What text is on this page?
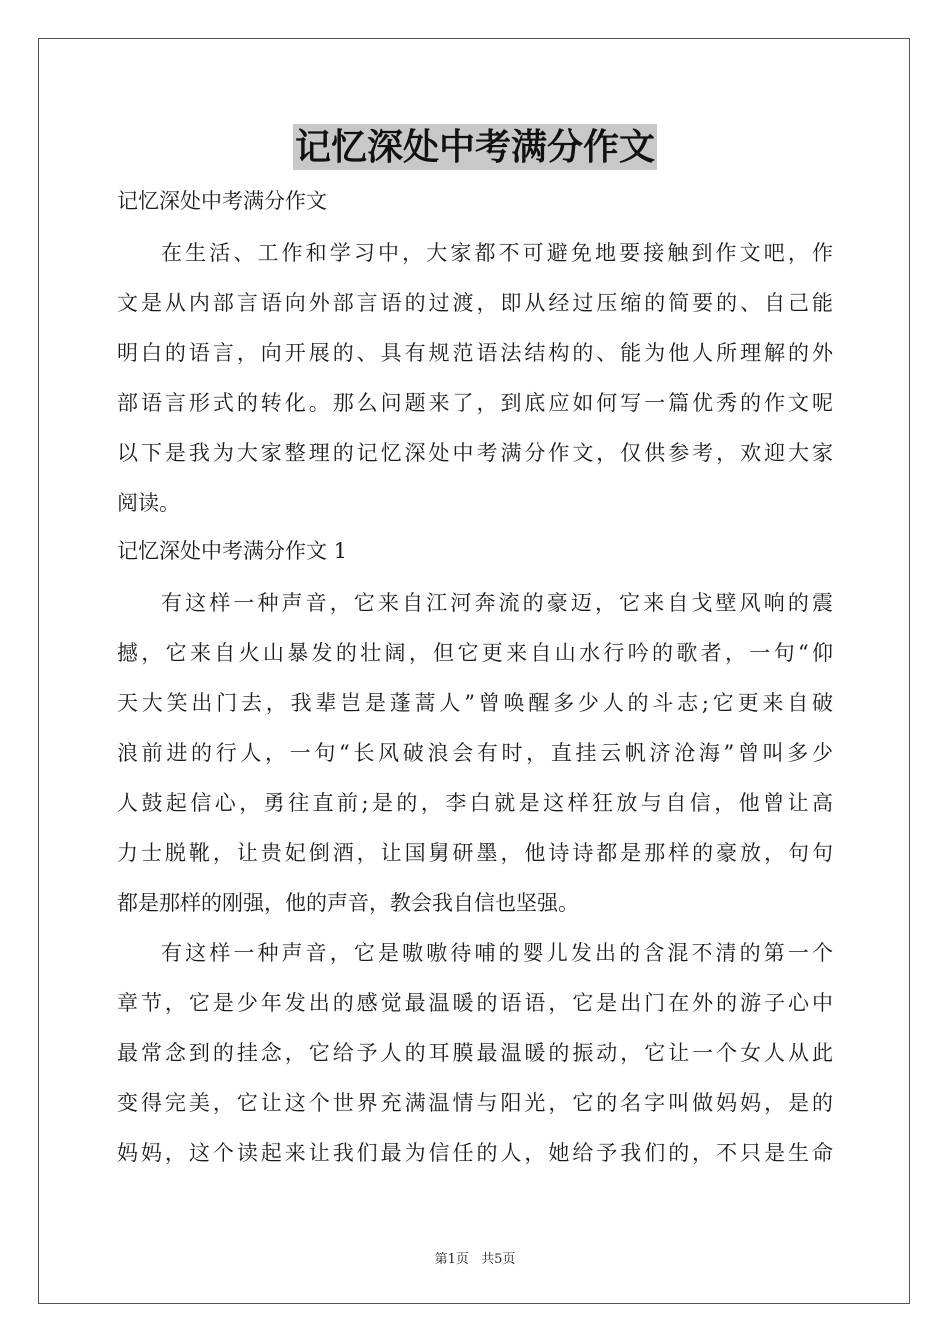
记忆深处中考满分作文
记忆深处中考满分作文
在生活、工作和学习中，大家都不可避免地要接触到作文吧，作
文是从内部言语向外部言语的过渡，即从经过压缩的简要的、自己能
明白的语言，向开展的、具有规范语法结构的、能为他人所理解的外
部语言形式的转化。那么问题来了，到底应如何写一篇优秀的作文呢
以下是我为大家整理的记忆深处中考满分作文，仅供参考，欢迎大家
阅读。
记忆深处中考满分作文 1
有这样一种声音，它来自江河奔流的豪迈，它来自戈壁风响的震
撼，它来自火山暴发的壮阔，但它更来自山水行吟的歌者，一句“仰
天大笑出门去，我辈岂是蓬蒿人”曾唤醒多少人的斗志;它更来自破
浪前进的行人，一句“长风破浪会有时，直挂云帆济沧海”曾叫多少
人鼓起信心，勇往直前;是的，李白就是这样狂放与自信，他曾让高
力士脱靴，让贵妃倒酒，让国舅研墨，他诗诗都是那样的豪放，句句
都是那样的刚强，他的声音，教会我自信也坚强。
有这样一种声音，它是嗷嗷待哺的婴儿发出的含混不清的第一个
章节，它是少年发出的感觉最温暖的语语，它是出门在外的游子心中
最常念到的挂念，它给予人的耳膜最温暖的振动，它让一个女人从此
变得完美，它让这个世界充满温情与阳光，它的名字叫做妈妈，是的
妈妈，这个读起来让我们最为信任的人，她给予我们的，不只是生命
第1页 共5页
